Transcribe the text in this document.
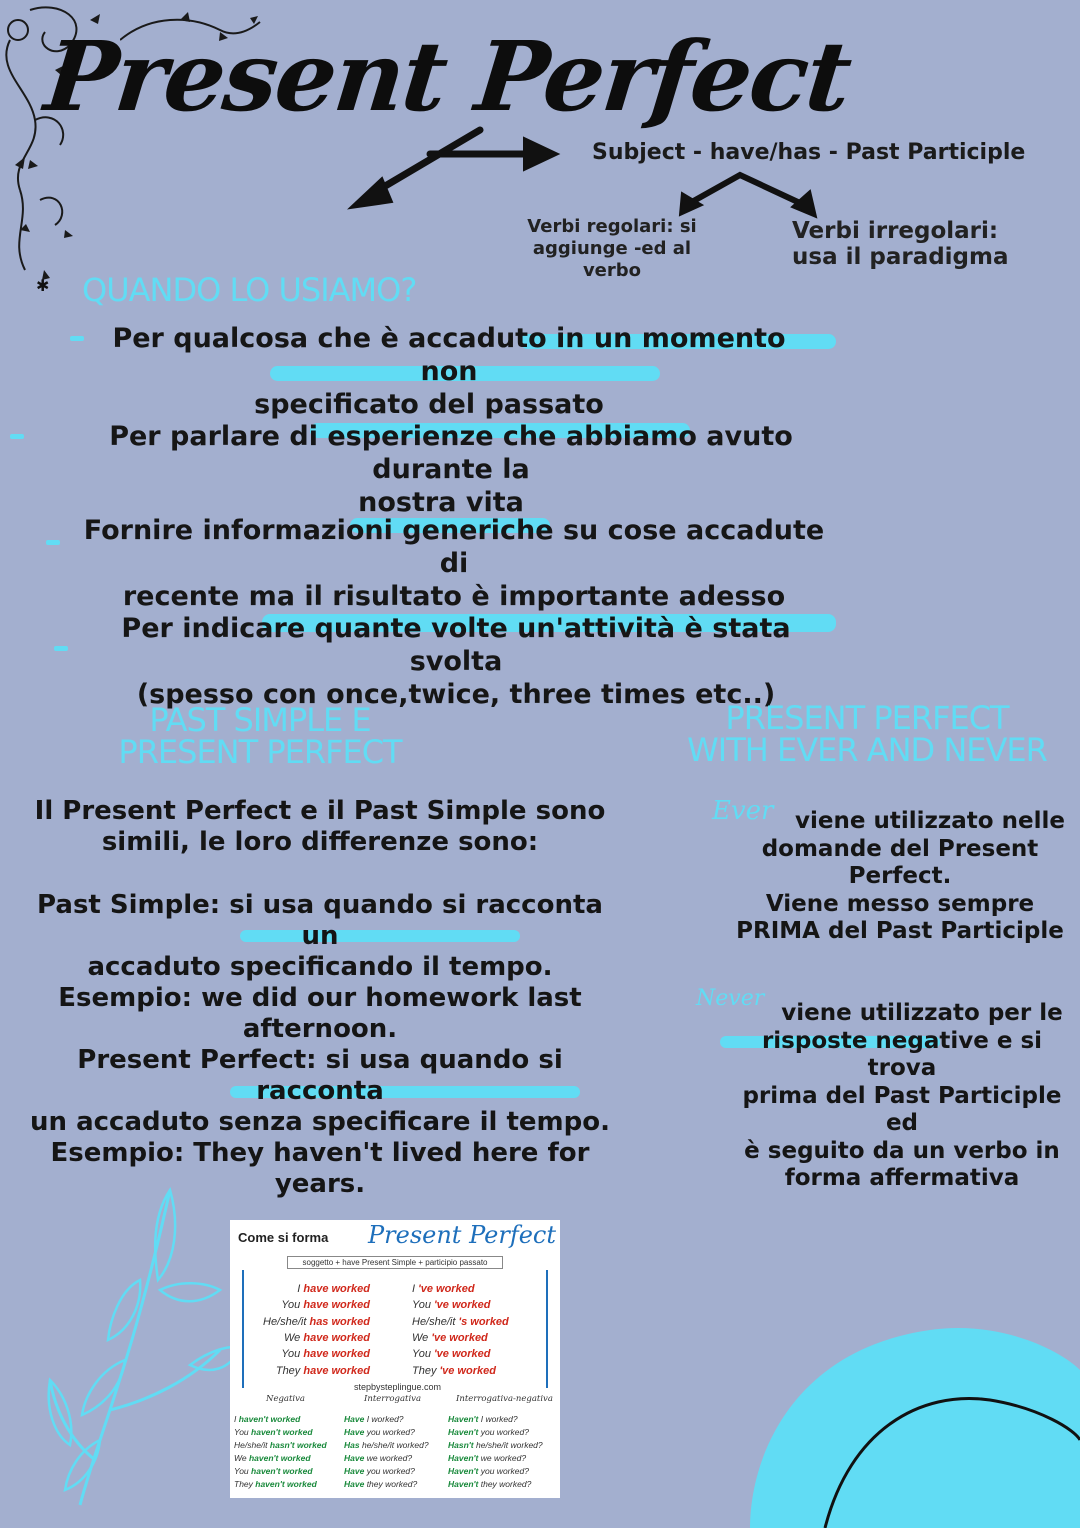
Present Perfect
Subject - have/has - Past Participle
Verbi regolari: si aggiunge -ed al verbo
Verbi irregolari:
usa il paradigma
QUANDO LO USIAMO?
✱
Per qualcosa che è accaduto in un momento non
specificato del passato
Per parlare di esperienze che abbiamo avuto durante la
nostra vita
Fornire informazioni generiche su cose accadute di
recente ma il risultato è importante adesso
Per indicare quante volte un'attività è stata svolta
(spesso con once,twice, three times etc..)
PAST SIMPLE E
PRESENT PERFECT
PRESENT PERFECT
WITH EVER AND NEVER
Il Present Perfect e il Past Simple sono
simili, le loro differenze sono:
Past Simple: si usa quando si racconta un
accaduto specificando il tempo.
Esempio: we did our homework last
afternoon.
Present Perfect: si usa quando si racconta
un accaduto senza specificare il tempo.
Esempio: They haven't lived here for years.
Ever viene utilizzato nelle
domande del Present
Perfect.
Viene messo sempre
PRIMA del Past Participle
Never
viene utilizzato per le
risposte negative e si trova
prima del Past Participle ed
è seguito da un verbo in
forma affermativa
Come si forma Present Perfect
soggetto + have Present Simple + participio passato
I have worked
You have worked
He/she/it has worked
We have worked
You have worked
They have worked
I 've worked
You 've worked
He/she/it 's worked
We 've worked
You 've worked
They 've worked
stepbysteplingue.com
Negativa	Interrogativa	Interrogativa-negativa
I haven't worked
You haven't worked
He/she/it hasn't worked
We haven't worked
You haven't worked
They haven't worked
Have I worked?
Have you worked?
Has he/she/it worked?
Have we worked?
Have you worked?
Have they worked?
Haven't I worked?
Haven't you worked?
Hasn't he/she/it worked?
Haven't we worked?
Haven't you worked?
Haven't they worked?
